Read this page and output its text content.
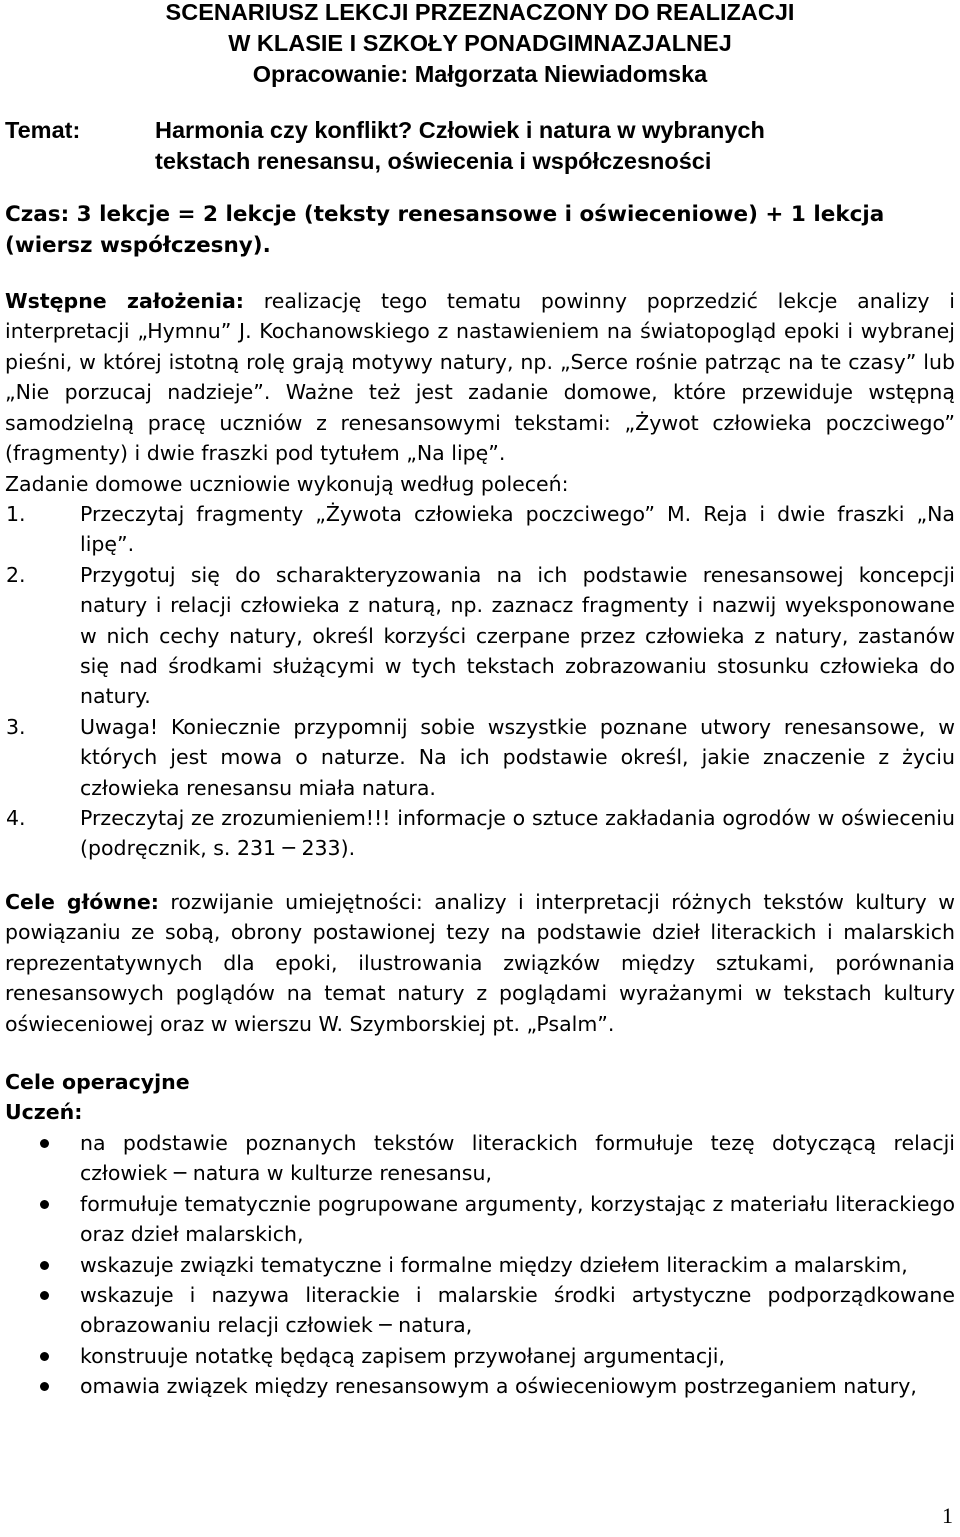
SCENARIUSZ LEKCJI PRZEZNACZONY DO REALIZACJI
W KLASIE I SZKOŁY PONADGIMNAZJALNEJ
Opracowanie: Małgorzata Niewiadomska
Temat:	Harmonia czy konflikt? Człowiek i natura w wybranych
tekstach renesansu, oświecenia i współczesności
Czas: 3 lekcje = 2 lekcje (teksty renesansowe i oświeceniowe) + 1 lekcja
(wiersz współczesny).
Wstępne założenia: realizację tego tematu powinny poprzedzić lekcje analizy i interpretacji „Hymnu” J. Kochanowskiego z nastawieniem na światopogląd epoki i wybranej pieśni, w której istotną rolę grają motywy natury, np. „Serce rośnie patrząc na te czasy” lub „Nie porzucaj nadzieje”. Ważne też jest zadanie domowe, które przewiduje wstępną samodzielną pracę uczniów z renesansowymi tekstami: „Żywot człowieka poczciwego” (fragmenty) i dwie fraszki pod tytułem „Na lipę”.
Zadanie domowe uczniowie wykonują według poleceń:
1.	Przeczytaj fragmenty „Żywota człowieka poczciwego” M. Reja i dwie fraszki „Na lipę”.
2.	Przygotuj się do scharakteryzowania na ich podstawie renesansowej koncepcji natury i relacji człowieka z naturą, np. zaznacz fragmenty i nazwij wyeksponowane w nich cechy natury, określ korzyści czerpane przez człowieka z natury, zastanów się nad środkami służącymi w tych tekstach zobrazowaniu stosunku człowieka do natury.
3.	Uwaga! Koniecznie przypomnij sobie wszystkie poznane utwory renesansowe, w których jest mowa o naturze. Na ich podstawie określ, jakie znaczenie z życiu człowieka renesansu miała natura.
4.	Przeczytaj ze zrozumieniem!!! informacje o sztuce zakładania ogrodów w oświeceniu (podręcznik, s. 231 ─ 233).
Cele główne: rozwijanie umiejętności: analizy i interpretacji różnych tekstów kultury w powiązaniu ze sobą, obrony postawionej tezy na podstawie dzieł literackich i malarskich reprezentatywnych dla epoki, ilustrowania związków między sztukami, porównania renesansowych poglądów na temat natury z poglądami wyrażanymi w tekstach kultury oświeceniowej oraz w wierszu W. Szymborskiej pt. „Psalm”.
Cele operacyjne
Uczeń:
na podstawie poznanych tekstów literackich formułuje tezę dotyczącą relacji człowiek ─ natura w kulturze renesansu,
formułuje tematycznie pogrupowane argumenty, korzystając z materiału literackiego oraz dzieł malarskich,
wskazuje związki tematyczne i formalne między dziełem literackim a malarskim,
wskazuje i nazywa literackie i malarskie środki artystyczne podporządkowane obrazowaniu relacji człowiek ─ natura,
konstruuje notatkę będącą zapisem przywołanej argumentacji,
omawia związek między renesansowym a oświeceniowym postrzeganiem natury,
1
